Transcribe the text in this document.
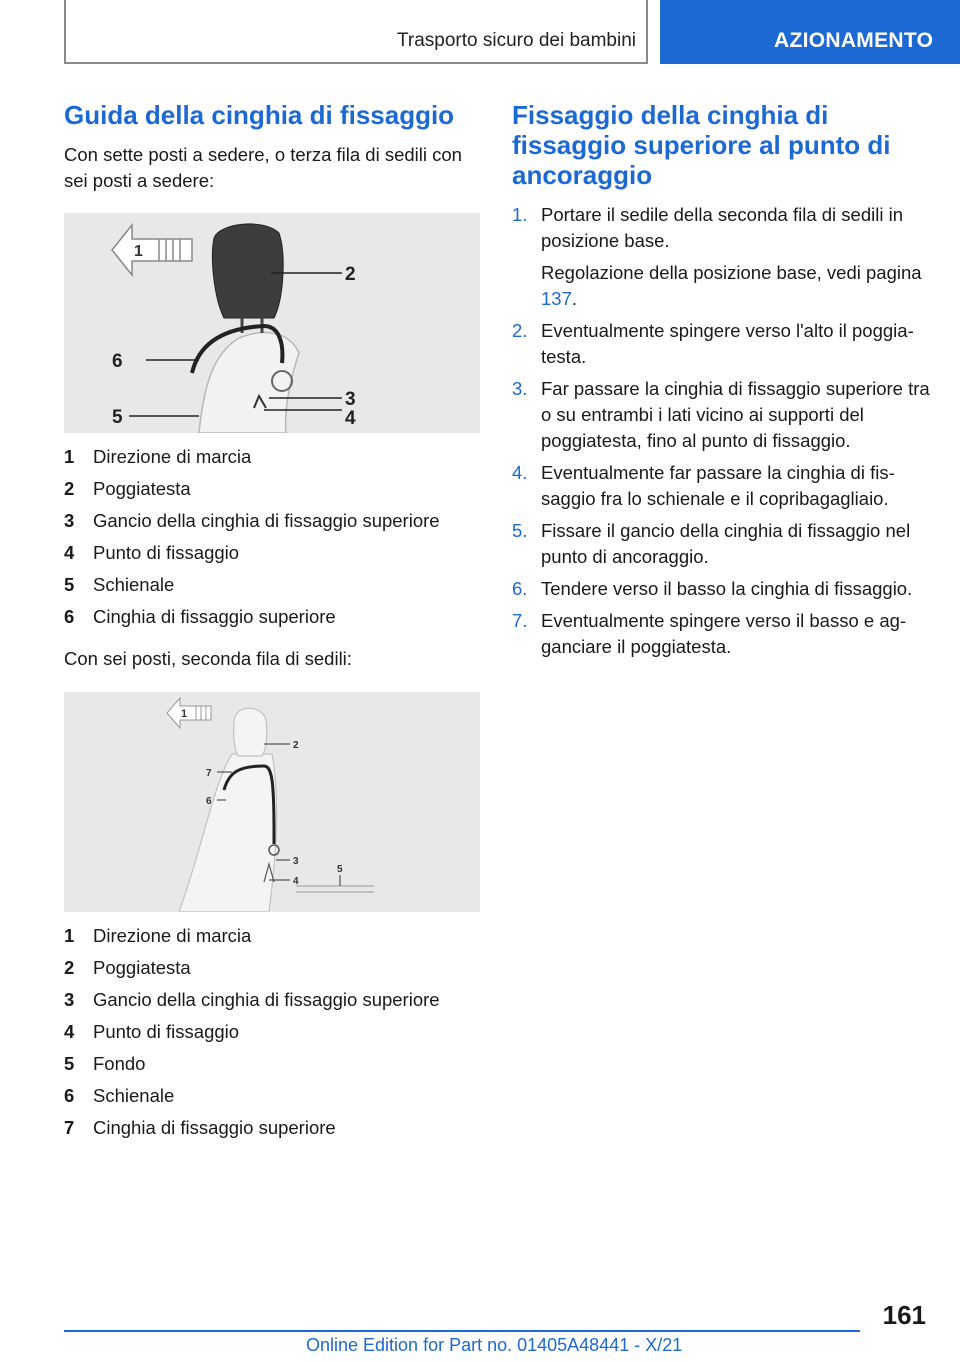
Trasporto sicuro dei bambini	AZIONAMENTO
Guida della cinghia di fissaggio

Con sette posti a sedere, o terza fila di sedili con sei posti a sedere:

1
2
6
3
4
5
1	Direzione di marcia
2	Poggiatesta
3	Gancio della cinghia di fissaggio superiore
4	Punto di fissaggio
5	Schienale
6	Cinghia di fissaggio superiore

Con sei posti, seconda fila di sedili:

1
2
7
6
3
4
5
1	Direzione di marcia
2	Poggiatesta
3	Gancio della cinghia di fissaggio superiore
4	Punto di fissaggio
5	Fondo
6	Schienale
7	Cinghia di fissaggio superiore
Fissaggio della cinghia di fissaggio superiore al punto di ancoraggio
1. Portare il sedile della seconda fila di sedili in posizione base.
Regolazione della posizione base, vedi pagina 137.
2. Eventualmente spingere verso l'alto il poggiatesta.
3. Far passare la cinghia di fissaggio superiore tra o su entrambi i lati vicino ai supporti del poggiatesta, fino al punto di fissaggio.
4. Eventualmente far passare la cinghia di fissaggio fra lo schienale e il copribagagliaio.
5. Fissare il gancio della cinghia di fissaggio nel punto di ancoraggio.
6. Tendere verso il basso la cinghia di fissaggio.
7. Eventualmente spingere verso il basso e agganciare il poggiatesta.
161
Online Edition for Part no. 01405A48441 - X/21
